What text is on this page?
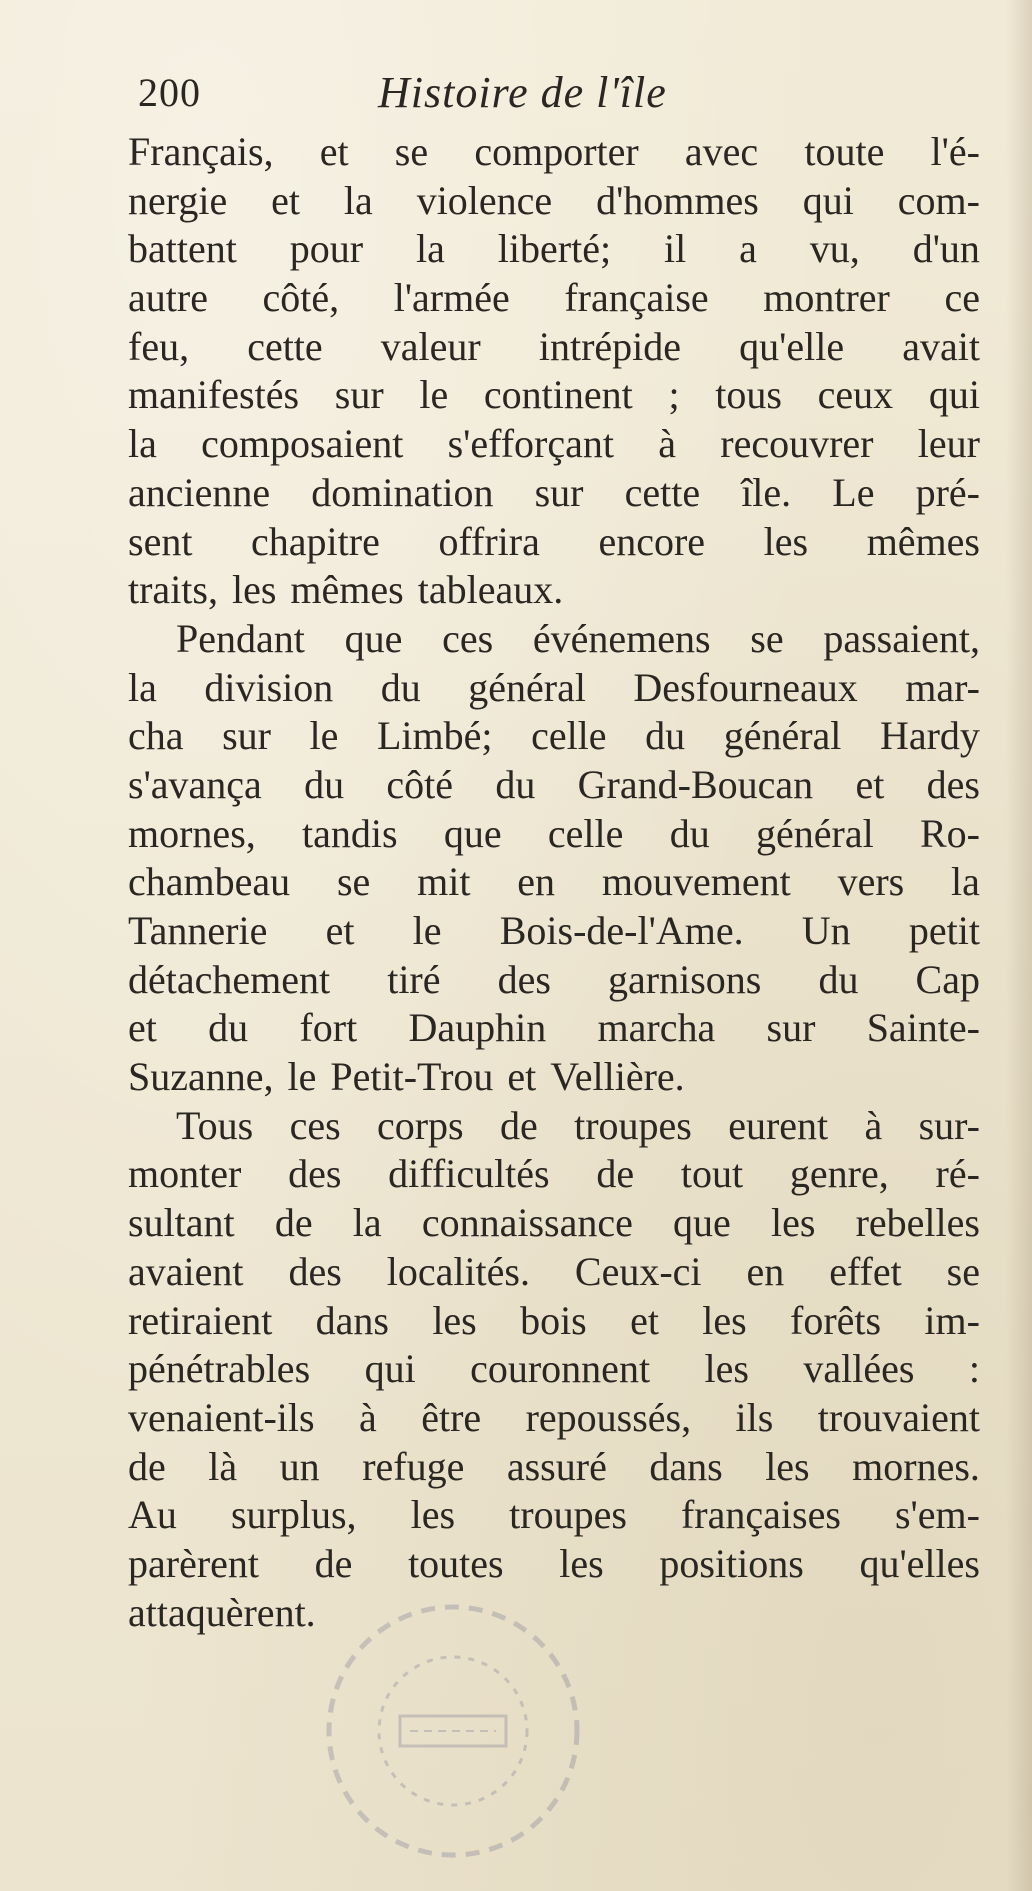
200	Histoire de l'île
Français, et se comporter avec toute l'é-
nergie et la violence d'hommes qui com-
battent pour la liberté; il a vu, d'un
autre côté, l'armée française montrer ce
feu, cette valeur intrépide qu'elle avait
manifestés sur le continent ; tous ceux qui
la composaient s'efforçant à recouvrer leur
ancienne domination sur cette île. Le pré-
sent chapitre offrira encore les mêmes
traits, les mêmes tableaux.
Pendant que ces événemens se passaient,
la division du général Desfourneaux mar-
cha sur le Limbé; celle du général Hardy
s'avança du côté du Grand-Boucan et des
mornes, tandis que celle du général Ro-
chambeau se mit en mouvement vers la
Tannerie et le Bois-de-l'Ame. Un petit
détachement tiré des garnisons du Cap
et du fort Dauphin marcha sur Sainte-
Suzanne, le Petit-Trou et Vellière.
Tous ces corps de troupes eurent à sur-
monter des difficultés de tout genre, ré-
sultant de la connaissance que les rebelles
avaient des localités. Ceux-ci en effet se
retiraient dans les bois et les forêts im-
pénétrables qui couronnent les vallées :
venaient-ils à être repoussés, ils trouvaient
de là un refuge assuré dans les mornes.
Au surplus, les troupes françaises s'em-
parèrent de toutes les positions qu'elles
attaquèrent.
